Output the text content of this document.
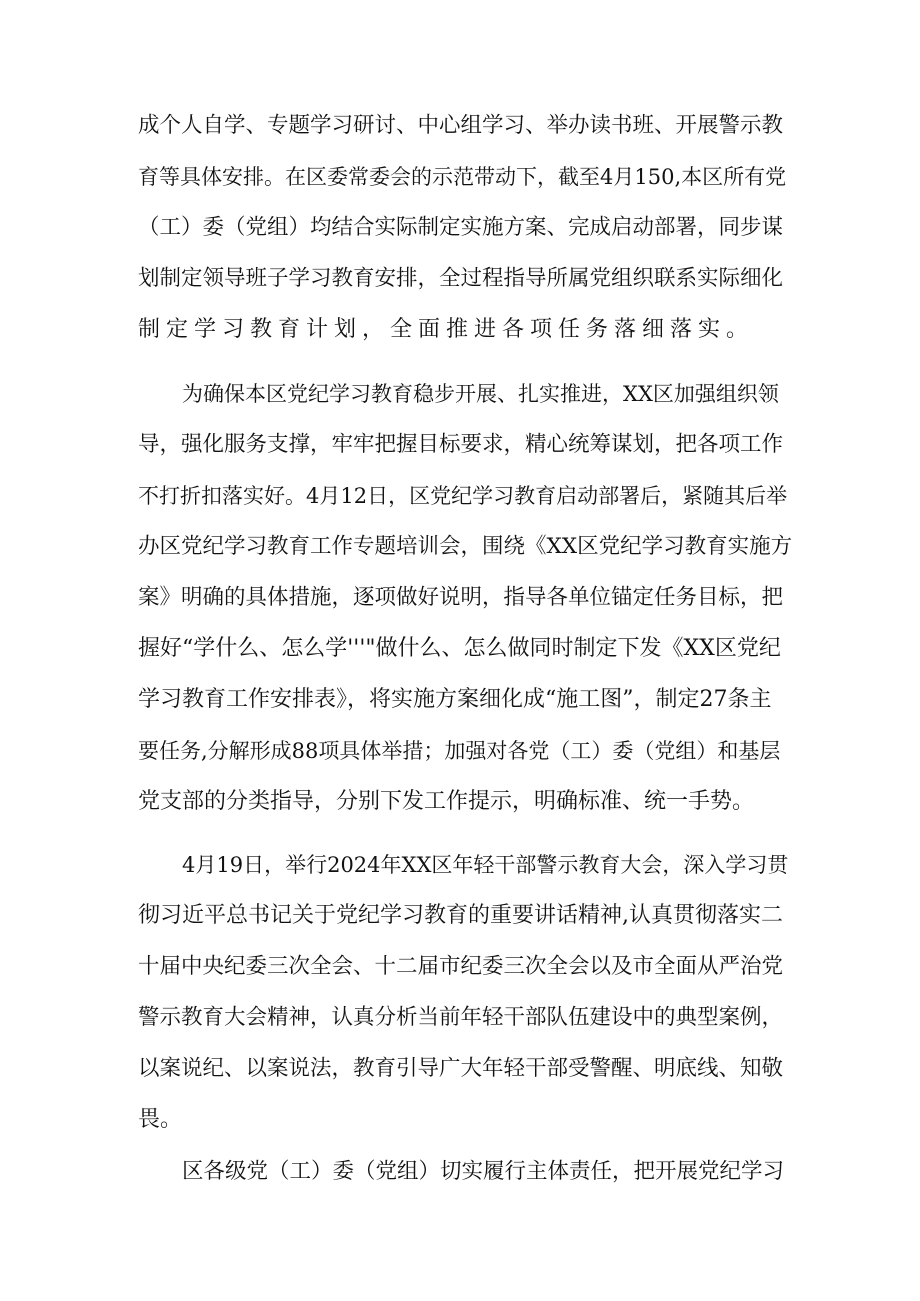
成个人自学、专题学习研讨、中心组学习、举办读书班、开展警示教
育等具体安排。在区委常委会的示范带动下，截至4月150,本区所有党
（工）委（党组）均结合实际制定实施方案、完成启动部署，同步谋
划制定领导班子学习教育安排，全过程指导所属党组织联系实际细化
制定学习教育计划，全面推进各项任务落细落实。
为确保本区党纪学习教育稳步开展、扎实推进，XX区加强组织领
导，强化服务支撑，牢牢把握目标要求，精心统筹谋划，把各项工作
不打折扣落实好。4月12日，区党纪学习教育启动部署后，紧随其后举
办区党纪学习教育工作专题培训会，围绕《XX区党纪学习教育实施方
案》明确的具体措施，逐项做好说明，指导各单位锚定任务目标，把
握好“学什么、怎么学'''"做什么、怎么做同时制定下发《XX区党纪
学习教育工作安排表》，将实施方案细化成“施工图”，制定27条主
要任务,分解形成88项具体举措；加强对各党（工）委（党组）和基层
党支部的分类指导，分别下发工作提示，明确标准、统一手势。
4月19日，举行2024年XX区年轻干部警示教育大会，深入学习贯
彻习近平总书记关于党纪学习教育的重要讲话精神,认真贯彻落实二
十届中央纪委三次全会、十二届市纪委三次全会以及市全面从严治党
警示教育大会精神，认真分析当前年轻干部队伍建设中的典型案例，
以案说纪、以案说法，教育引导广大年轻干部受警醒、明底线、知敬
畏。
区各级党（工）委（党组）切实履行主体责任，把开展党纪学习
